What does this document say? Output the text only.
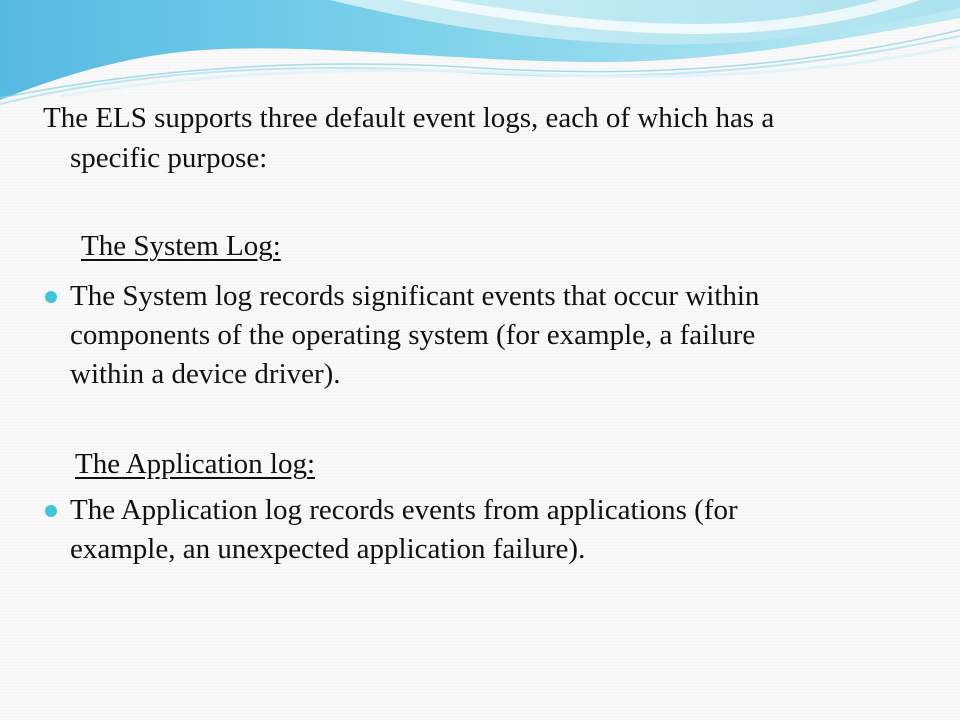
The ELS supports three default event logs, each of which has a
specific purpose:
The System Log:
The System log records significant events that occur within
components of the operating system (for example, a failure
within a device driver).
The Application log:
The Application log records events from applications (for
example, an unexpected application failure).
